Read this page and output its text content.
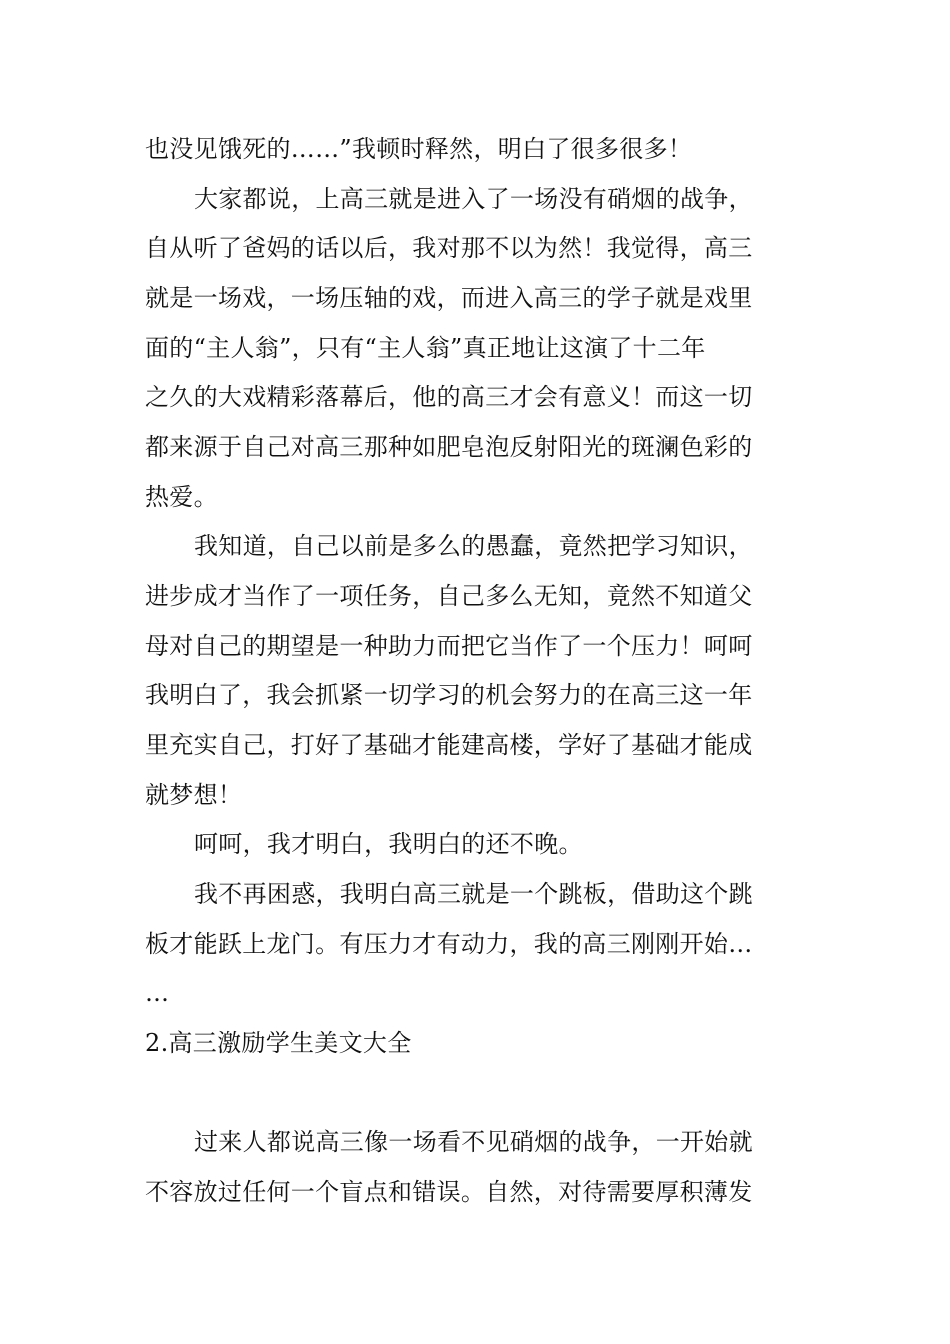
也没见饿死的……”我顿时释然，明白了很多很多！
大家都说，上高三就是进入了一场没有硝烟的战争，
自从听了爸妈的话以后，我对那不以为然！我觉得，高三
就是一场戏，一场压轴的戏，而进入高三的学子就是戏里
面的“主人翁”，只有“主人翁”真正地让这演了十二年
之久的大戏精彩落幕后，他的高三才会有意义！而这一切
都来源于自己对高三那种如肥皂泡反射阳光的斑澜色彩的
热爱。
我知道，自己以前是多么的愚蠢，竟然把学习知识，
进步成才当作了一项任务，自己多么无知，竟然不知道父
母对自己的期望是一种助力而把它当作了一个压力！呵呵
我明白了，我会抓紧一切学习的机会努力的在高三这一年
里充实自己，打好了基础才能建高楼，学好了基础才能成
就梦想！
呵呵，我才明白，我明白的还不晚。
我不再困惑，我明白高三就是一个跳板，借助这个跳
板才能跃上龙门。有压力才有动力，我的高三刚刚开始…
…
2.高三激励学生美文大全
过来人都说高三像一场看不见硝烟的战争，一开始就
不容放过任何一个盲点和错误。自然，对待需要厚积薄发
